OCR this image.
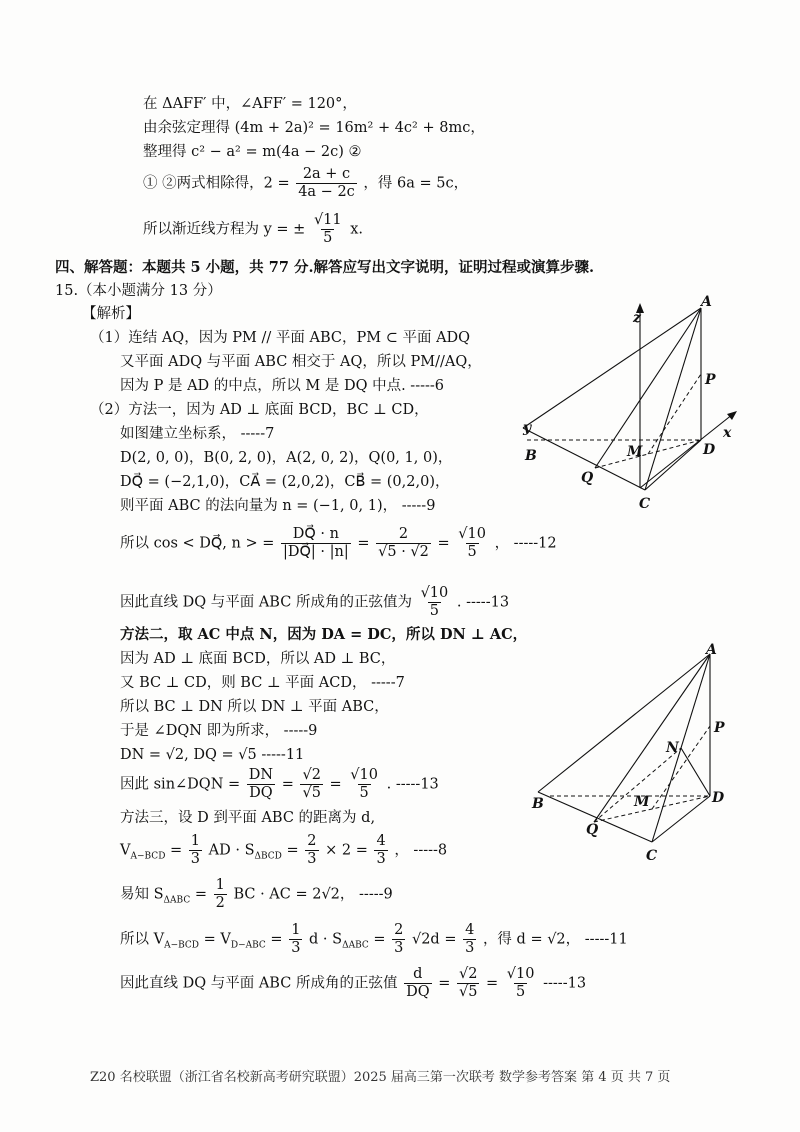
在 ΔAFF′ 中，∠AFF′ = 120°，
由余弦定理得 (4m + 2a)² = 16m² + 4c² + 8mc，
整理得 c² − a² = m(4a − 2c) ②
① ②两式相除得，$2 = \frac{2a + c}{4a - 2c}$ ，得 6a = 5c，
所以渐近线方程为 y = ± $\frac{√11}{5} x$.
四、解答题：本题共 5 小题，共 77 分.解答应写出文字说明，证明过程或演算步骤.
15.（本小题满分 13 分）
【解析】
（1）连结 AQ，因为 PM // 平面 ABC，PM ⊂ 平面 ADQ
又平面 ADQ 与平面 ABC 相交于 AQ，所以 PM//AQ，
因为 P 是 AD 的中点，所以 M 是 DQ 中点. -----6
（2）方法一，因为 AD ⊥ 底面 BCD，BC ⊥ CD，
如图建立坐标系， -----7
D(2, 0, 0)，B(0, 2, 0)，A(2, 0, 2)，Q(0, 1, 0)，
DQ⃗ = (−2,1,0)，CA⃗ = (2,0,2)，CB⃗ = (0,2,0)，
则平面 ABC 的法向量为 n = (−1, 0, 1)， -----9
所以 cos < DQ⃗, n > = $\frac{DQ⃗ \cdot n}{|DQ⃗| \cdot |n|} = \frac{2}{√5 \cdot √2} = \frac{√10}{5}$ ， -----12
因此直线 DQ 与平面 ABC 所成角的正弦值为 $\frac{√10}{5}$ . -----13
方法二，取 AC 中点 N，因为 DA = DC，所以 DN ⊥ AC，
因为 AD ⊥ 底面 BCD，所以 AD ⊥ BC，
又 BC ⊥ CD，则 BC ⊥ 平面 ACD， -----7
所以 BC ⊥ DN 所以 DN ⊥ 平面 ABC，
于是 ∠DQN 即为所求， -----9
DN = √2, DQ = √5 -----11
因此 sin∠DQN = $\frac{DN}{DQ} = \frac{√2}{√5} = \frac{√10}{5}$ . -----13
方法三，设 D 到平面 ABC 的距离为 d,
$V_{A-BCD} = \frac{1}{3}$ AD · $S_{\Delta BCD} = \frac{2}{3} \times 2 = \frac{4}{3}$ ， -----8
易知 $S_{\Delta ABC} = \frac{1}{2}$ BC · AC = 2√2， -----9
所以 $V_{A-BCD} = V_{D-ABC} = \frac{1}{3}$ $d \cdot S_{\Delta ABC} = \frac{2}{3} √2d = \frac{4}{3}$ ，得 d = √2， -----11
因此直线 DQ 与平面 ABC 所成角的正弦值 $\frac{d}{DQ} = \frac{√2}{√5} = \frac{√10}{5} -----13$
z
A
P
y	x
B	M	D
Q
C
A
P
N
B	M	D
Q
C
Z20 名校联盟（浙江省名校新高考研究联盟）2025 届高三第一次联考 数学参考答案 第 4 页 共 7 页
